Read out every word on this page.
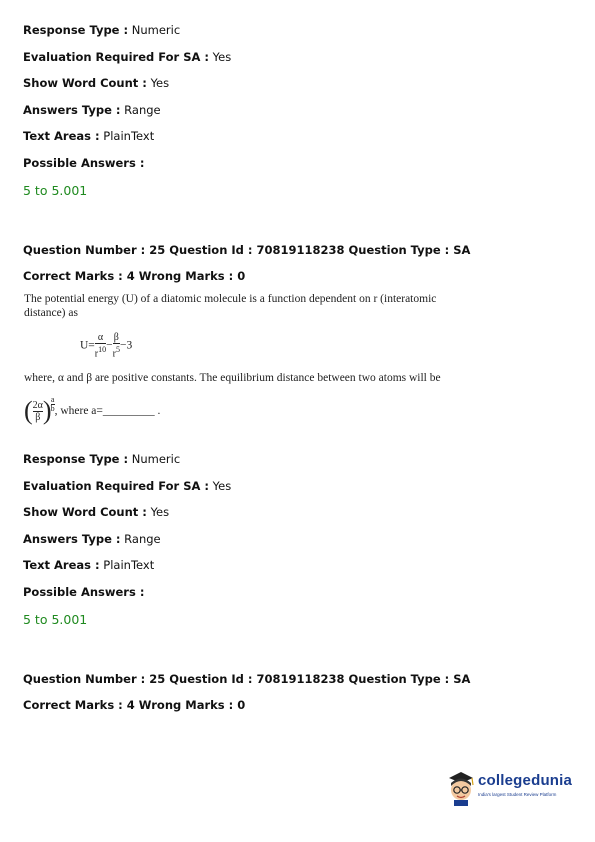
Response Type : Numeric
Evaluation Required For SA : Yes
Show Word Count : Yes
Answers Type : Range
Text Areas : PlainText
Possible Answers :
5 to 5.001
Question Number : 25 Question Id : 70819118238 Question Type : SA
Correct Marks : 4 Wrong Marks : 0
The potential energy (U) of a diatomic molecule is a function dependent on r (interatomic
distance) as
$U= \frac{\alpha}{r^{10}} - \frac{\beta}{r^5} -3$
where, α and β are positive constants. The equilibrium distance between two atoms will be
( $\frac{2\alpha}{\beta}$ ) $\frac{a}{b}$ , where a=_________ .
Response Type : Numeric
Evaluation Required For SA : Yes
Show Word Count : Yes
Answers Type : Range
Text Areas : PlainText
Possible Answers :
5 to 5.001
Question Number : 25 Question Id : 70819118238 Question Type : SA
Correct Marks : 4 Wrong Marks : 0
collegedunia
India's largest Student Review Platform
